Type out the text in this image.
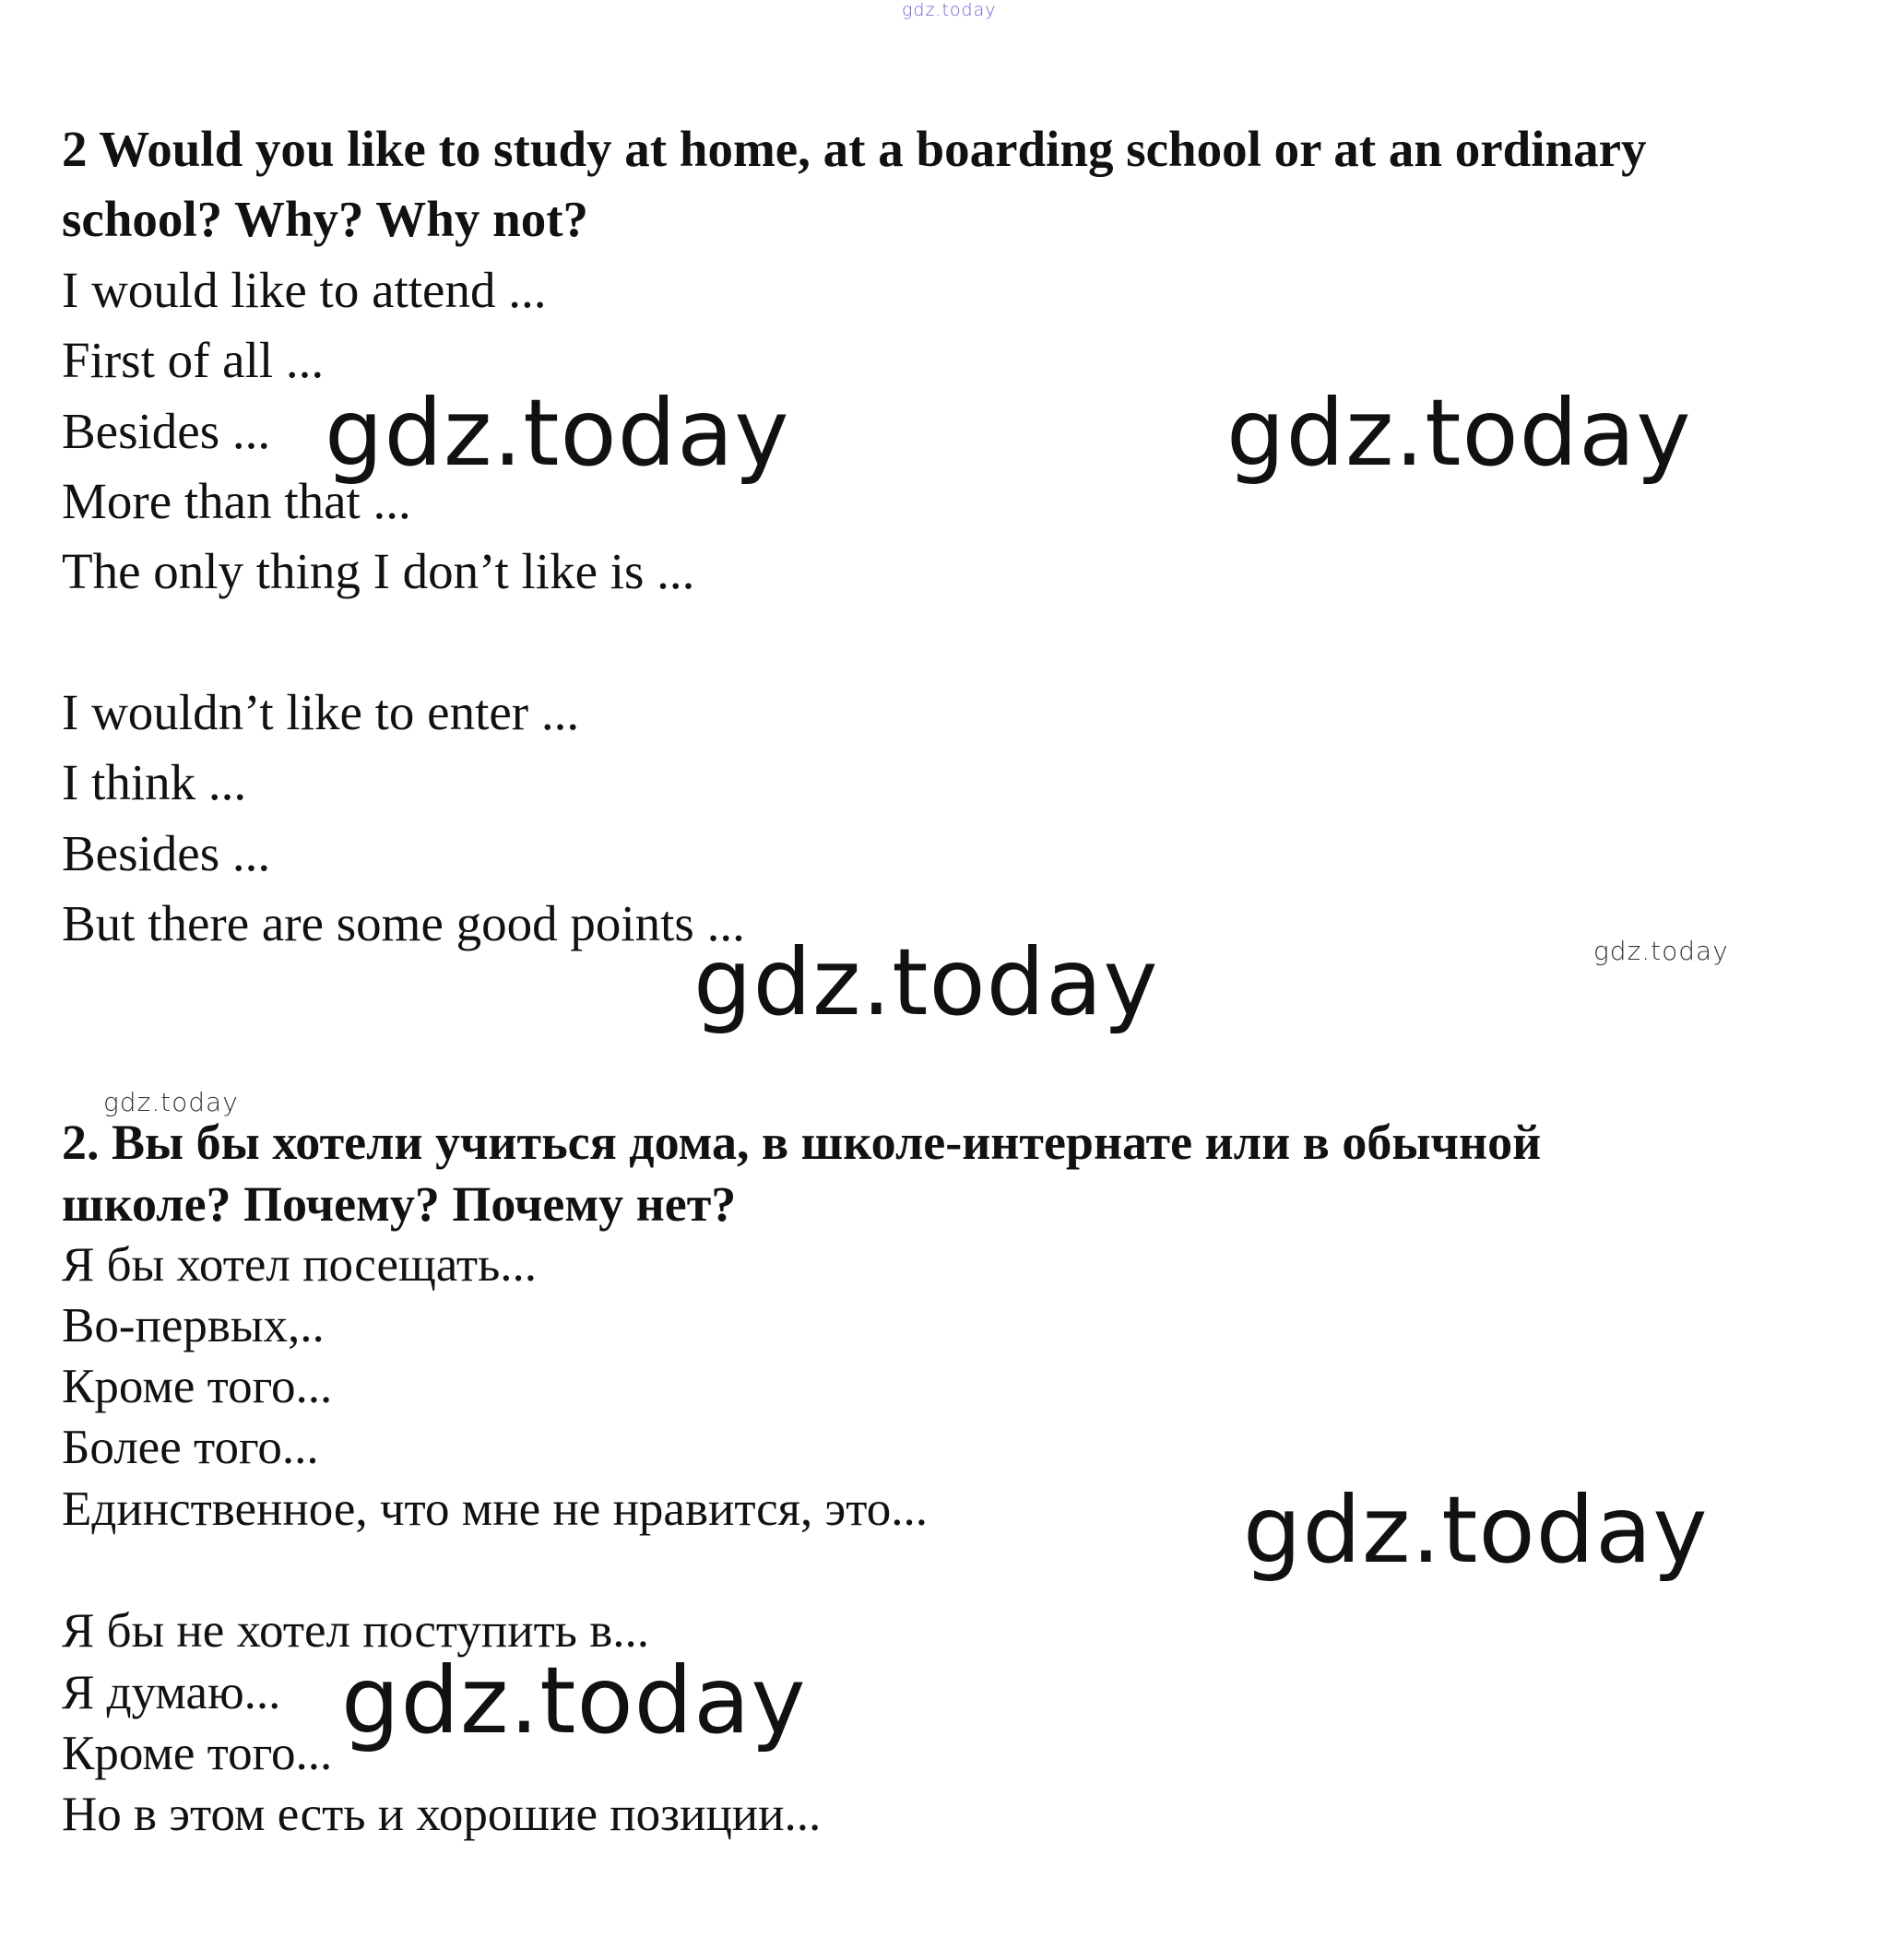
gdz.today
gdz.today	gdz.today
gdz.today	gdz.today
gdz.today
gdz.today
gdz.today
2 Would you like to study at home, at a boarding school or at an ordinary
school? Why? Why not?
I would like to attend ...
First of all ...
Besides ...
More than that ...
The only thing I don’t like is ...
I wouldn’t like to enter ...
I think ...
Besides ...
But there are some good points ...
2. Вы бы хотели учиться дома, в школе-интернате или в обычной
школе? Почему? Почему нет?
Я бы хотел посещать...
Во-первых,..
Кроме того...
Более того...
Единственное, что мне не нравится, это...
Я бы не хотел поступить в...
Я думаю...
Кроме того...
Но в этом есть и хорошие позиции...
